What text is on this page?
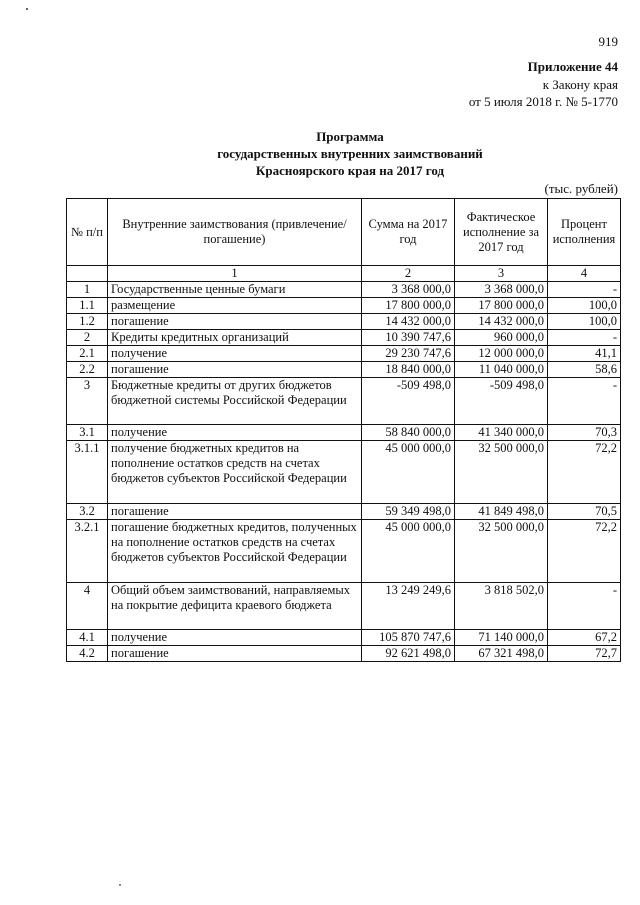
919
Приложение 44
к Закону края
от 5 июля 2018 г. № 5-1770
Программа
государственных внутренних заимствований
Красноярского края на 2017 год
(тыс. рублей)
№ п/п	Внутренние заимствования (привлечение/ погашение)	Сумма на 2017 год	Фактическое исполнение за 2017 год	Процент исполнения
	1	2	3	4
1	Государственные ценные бумаги	3 368 000,0	3 368 000,0	-
1.1	размещение	17 800 000,0	17 800 000,0	100,0
1.2	погашение	14 432 000,0	14 432 000,0	100,0
2	Кредиты кредитных организаций	10 390 747,6	960 000,0	-
2.1	получение	29 230 747,6	12 000 000,0	41,1
2.2	погашение	18 840 000,0	11 040 000,0	58,6
3	Бюджетные кредиты от других бюджетов бюджетной системы Российской Федерации	-509 498,0	-509 498,0	-
3.1	получение	58 840 000,0	41 340 000,0	70,3
3.1.1	получение бюджетных кредитов на пополнение остатков средств на счетах бюджетов субъектов Российской Федерации	45 000 000,0	32 500 000,0	72,2
3.2	погашение	59 349 498,0	41 849 498,0	70,5
3.2.1	погашение бюджетных кредитов, полученных на пополнение остатков средств на счетах бюджетов субъектов Российской Федерации	45 000 000,0	32 500 000,0	72,2
4	Общий объем заимствований, направляемых на покрытие дефицита краевого бюджета	13 249 249,6	3 818 502,0	-
4.1	получение	105 870 747,6	71 140 000,0	67,2
4.2	погашение	92 621 498,0	67 321 498,0	72,7
